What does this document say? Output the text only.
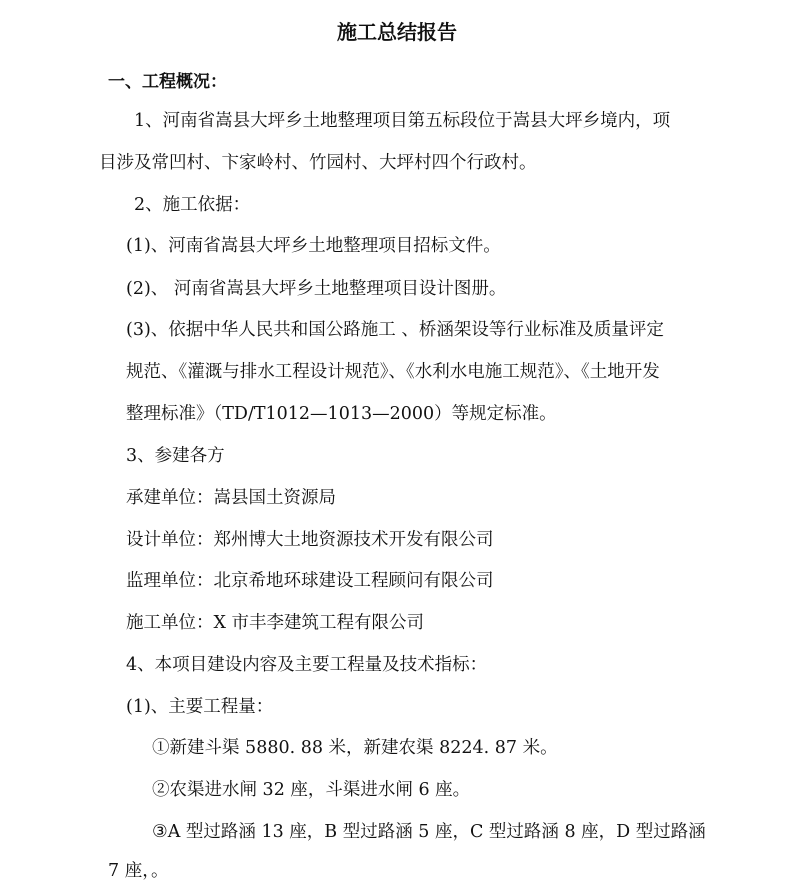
施工总结报告
一、工程概况：
1、河南省嵩县大坪乡土地整理项目第五标段位于嵩县大坪乡境内，项
目涉及常凹村、卞家岭村、竹园村、大坪村四个行政村。
2、施工依据：
(1)、河南省嵩县大坪乡土地整理项目招标文件。
(2)、 河南省嵩县大坪乡土地整理项目设计图册。
(3)、依据中华人民共和国公路施工 、桥涵架设等行业标准及质量评定
规范、《灌溉与排水工程设计规范》、《水利水电施工规范》、《土地开发
整理标准》（TD/T1012—1013—2000）等规定标准。
3、参建各方
承建单位：嵩县国土资源局
设计单位：郑州博大土地资源技术开发有限公司
监理单位：北京希地环球建设工程顾问有限公司
施工单位：X 市丰李建筑工程有限公司
4、本项目建设内容及主要工程量及技术指标：
(1)、主要工程量：
①新建斗渠 5880. 88 米，新建农渠 8224. 87 米。
②农渠进水闸 32 座，斗渠进水闸 6 座。
③A 型过路涵 13 座，B 型过路涵 5 座，C 型过路涵 8 座，D 型过路涵
7 座，。
